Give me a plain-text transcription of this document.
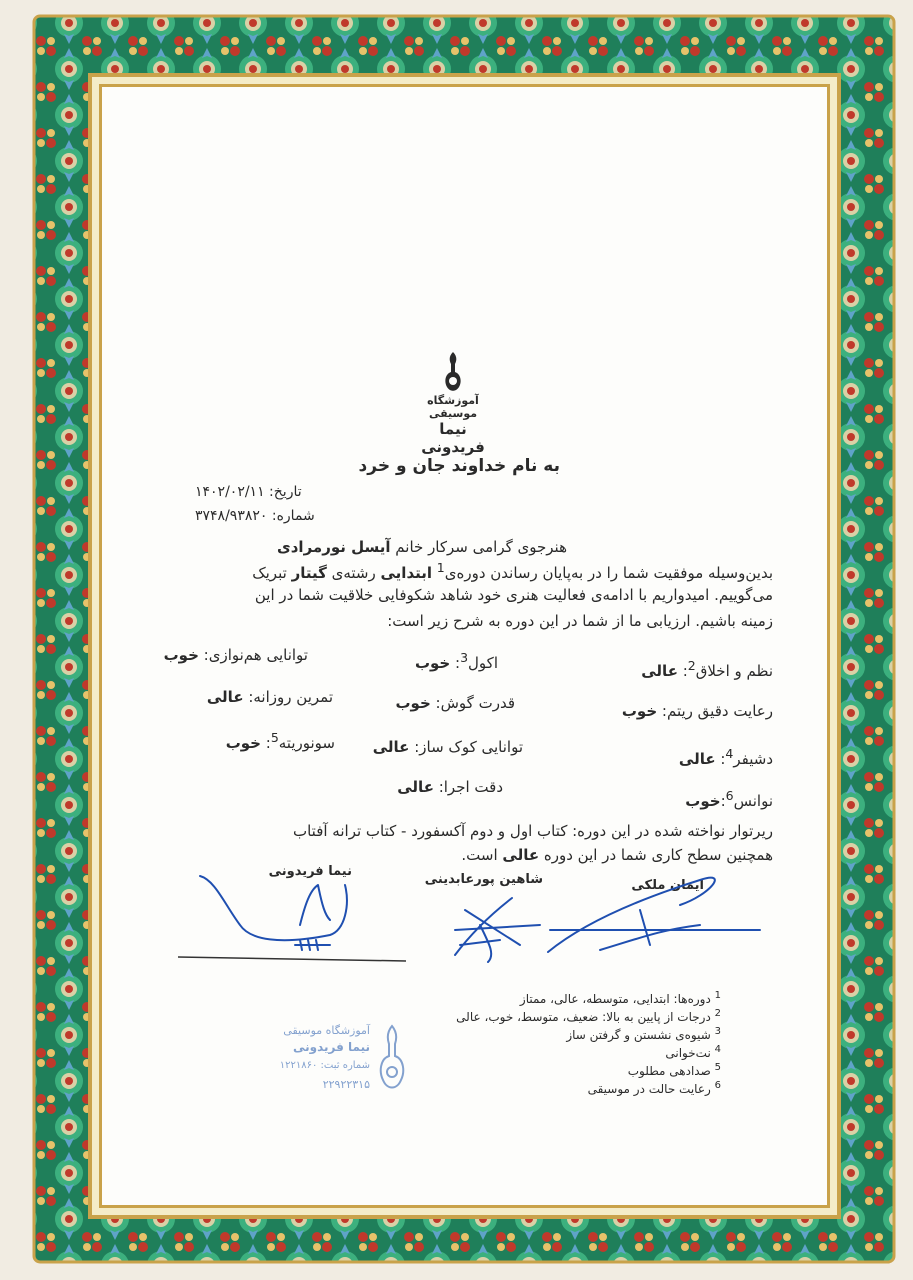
آموزشگاه موسیقی
نیما فریدونی
به نام خداوند جان و خرد
تاریخ: ۱۴۰۲/۰۲/۱۱
شماره: ۳۷۴۸/۹۳۸۲۰
هنرجوی گرامی سرکار خانم آیسل نورمرادی
بدین‌وسیله موفقیت شما را در به‌پایان رساندن دوره‌ی$^1$ ابتدایی رشته‌ی گیتار تبریک
می‌گوییم. امیدواریم با ادامه‌ی فعالیت هنری خود شاهد شکوفایی خلاقیت شما در این
زمینه باشیم. ارزیابی ما از شما در این دوره به شرح زیر است:
نظم و اخلاق$^2$: عالی
اکول$^3$: خوب
توانایی هم‌نوازی: خوب
رعایت دقیق ریتم: خوب
قدرت گوش: خوب
تمرین روزانه: عالی
دشیفر$^4$: عالی
توانایی کوک ساز: عالی
سونوریته$^5$: خوب
نوانس$^6$:خوب
دقت اجرا: عالی
ریرتوار نواخته شده در این دوره: کتاب اول و دوم آکسفورد - کتاب ترانه آفتاب
همچنین سطح کاری شما در این دوره عالی است.
نیما فریدونی
شاهین پورعابدینی	ایمان ملکی
آموزشگاه موسیقی
نیما فریدونی
شماره ثبت: ۱۲۲۱۸۶۰
۲۲۹۲۲۳۱۵
$^1$ دوره‌ها: ابتدایی، متوسطه، عالی، ممتاز
$^2$ درجات از پایین به بالا: ضعیف، متوسط، خوب، عالی
$^3$ شیوه‌ی نشستن و گرفتن ساز
$^4$ نت‌خوانی
$^5$ صدادهی مطلوب
$^6$ رعایت حالت در موسیقی
